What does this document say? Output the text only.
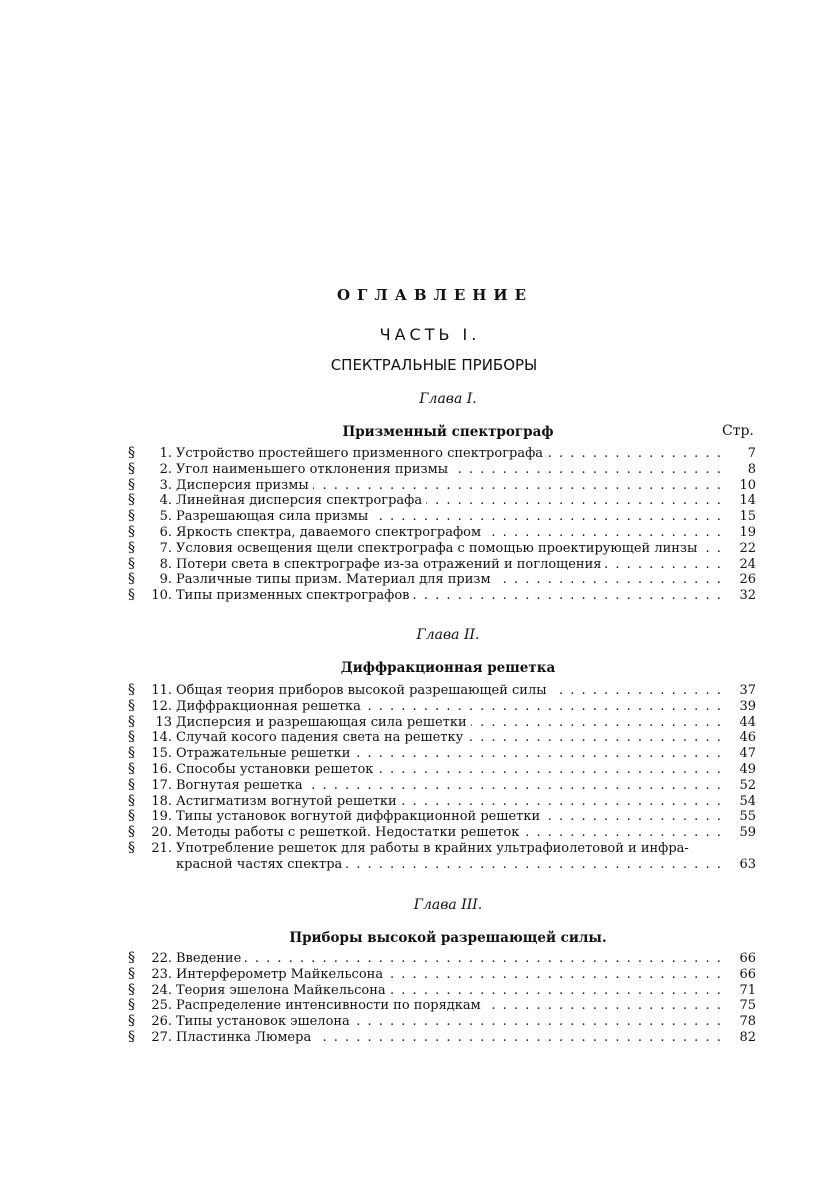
ОГЛАВЛЕНИЕ
ЧАСТЬ I.
СПЕКТРАЛЬНЫЕ ПРИБОРЫ
Глава I.
Призменный спектрограф	Стр.
§	1. Устройство простейшего призменного спектрографа . . .	7
§	2. Угол наименьшего отклонения призмы . . .	8
§	3. Дисперсия призмы . . .	10
§	4. Линейная дисперсия спектрографа . . .	14
§	5. Разрешающая сила призмы . . .	15
§	6. Яркость спектра, даваемого спектрографом . . .	19
§	7. Условия освещения щели спектрографа с помощью проектирующей линзы . . .	22
§	8. Потери света в спектрографе из-за отражений и поглощения . . .	24
§	9. Различные типы призм. Материал для призм . . .	26
§	10. Типы призменных спектрографов . . .	32
Глава II.
Диффракционная решетка
§	11. Общая теория приборов высокой разрешающей силы . . .	37
§	12. Диффракционная решетка . . .	39
§	13 Дисперсия и разрешающая сила решетки . . .	44
§	14. Случай косого падения света на решетку . . .	46
§	15. Отражательные решетки . . .	47
§	16. Способы установки решеток . . .	49
§	17. Вогнутая решетка . . .	52
§	18. Астигматизм вогнутой решетки . . .	54
§	19. Типы установок вогнутой диффракционной решетки . . .	55
§	20. Методы работы с решеткой. Недостатки решеток . . .	59
§	21. Употребление решеток для работы в крайних ультрафиолетовой и инфра-
красной частях спектра . . .	63
Глава III.
Приборы высокой разрешающей силы.
§	22. Введение . . .	66
§	23. Интерферометр Майкельсона . . .	66
§	24. Теория эшелона Майкельсона . . .	71
§	25. Распределение интенсивности по порядкам . . .	75
§	26. Типы установок эшелона . . .	78
§	27. Пластинка Люмера . . .	82
